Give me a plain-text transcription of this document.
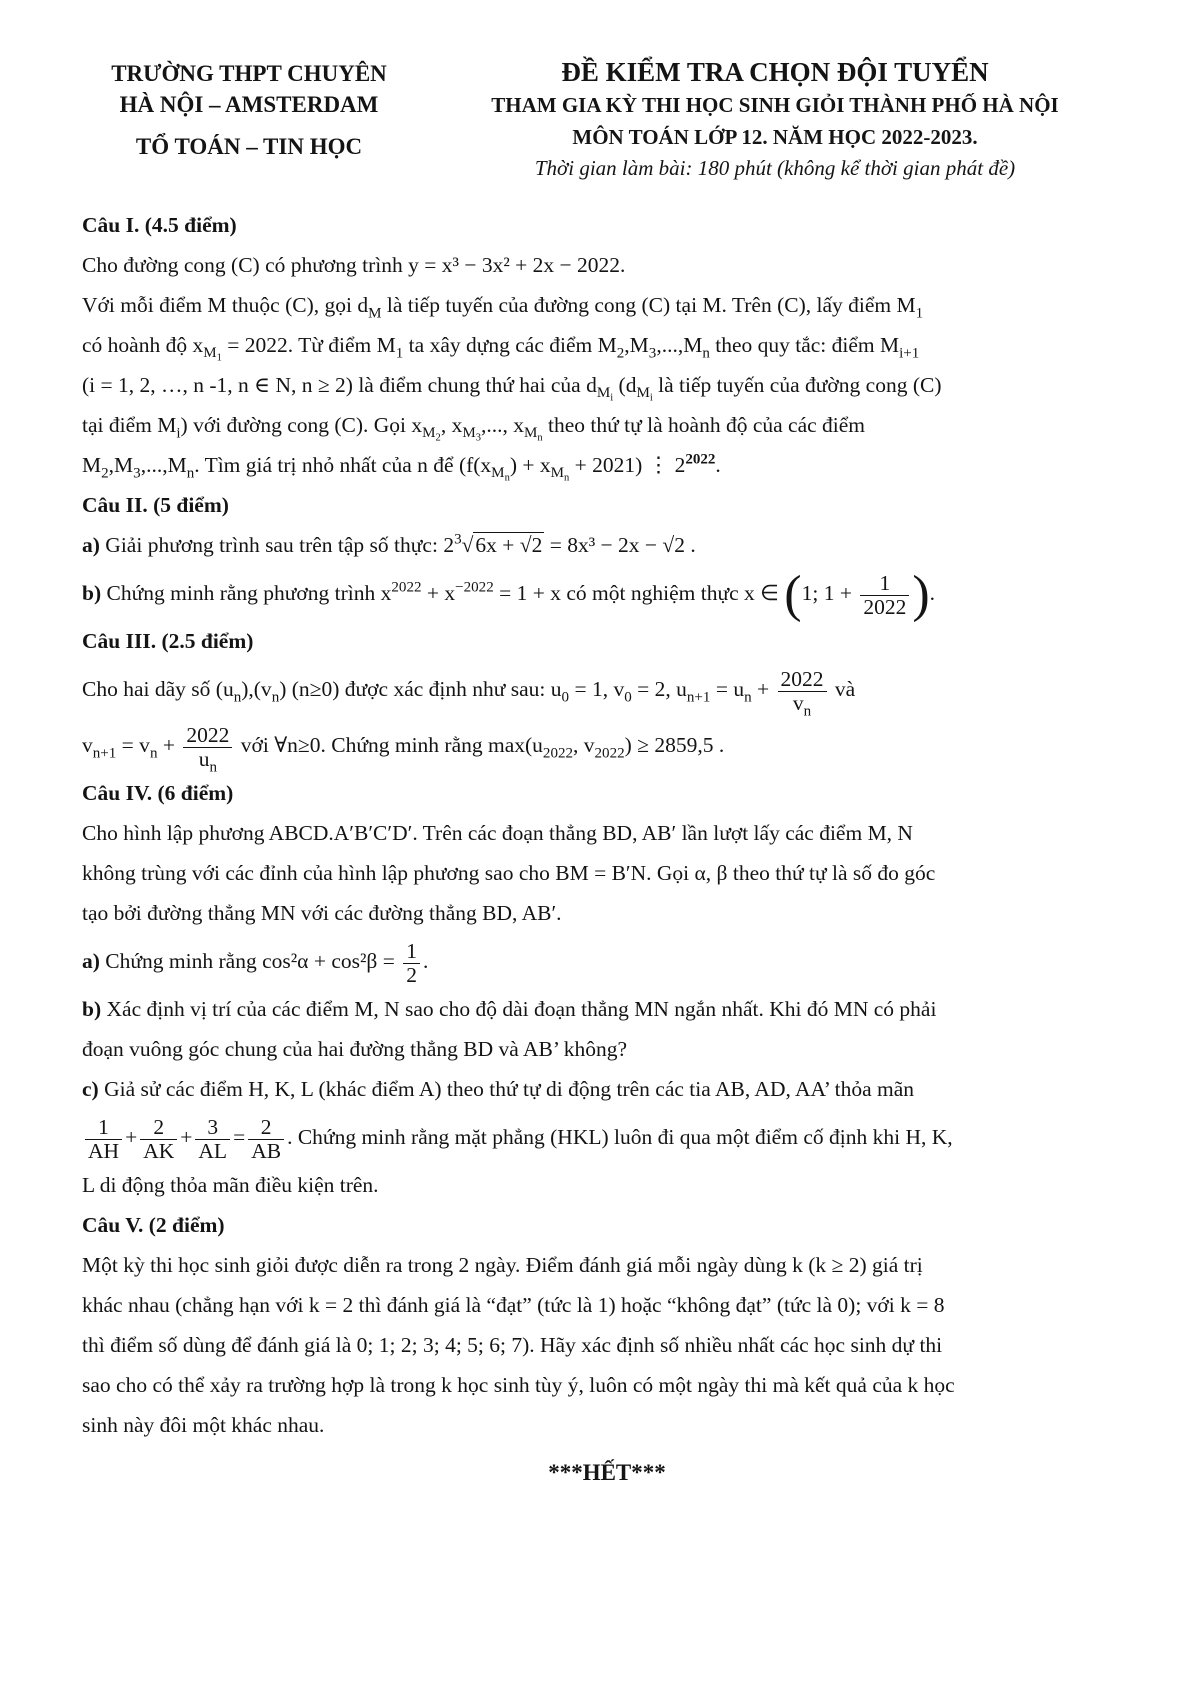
TRƯỜNG THPT CHUYÊN
HÀ NỘI – AMSTERDAM
TỔ TOÁN – TIN HỌC
ĐỀ KIỂM TRA CHỌN ĐỘI TUYỂN
THAM GIA KỲ THI HỌC SINH GIỎI THÀNH PHỐ HÀ NỘI
MÔN TOÁN LỚP 12. NĂM HỌC 2022-2023.
Thời gian làm bài: 180 phút (không kể thời gian phát đề)
Câu I. (4.5 điểm)

Cho đường cong (C) có phương trình y = x³ − 3x² + 2x − 2022.

Với mỗi điểm M thuộc (C), gọi $d_M$ là tiếp tuyến của đường cong (C) tại M. Trên (C), lấy điểm $M_1$

có hoành độ $x_{M_1} = 2022$. Từ điểm $M_1$ ta xây dựng các điểm $M_2,M_3,...,M_n$ theo quy tắc: điểm $M_{i+1}$

(i = 1, 2, …, n -1, n ∈ N, n ≥ 2) là điểm chung thứ hai của $d_{M_i}$ ($d_{M_i}$ là tiếp tuyến của đường cong (C)

tại điểm $M_i$) với đường cong (C). Gọi $x_{M_2}$, $x_{M_3}$,..., $x_{M_n}$ theo thứ tự là hoành độ của các điểm

$M_2,M_3,...,M_n$. Tìm giá trị nhỏ nhất của n để $(f(x_{M_n}) + x_{M_n} + 2021)$ ⋮ $2^{2022}$.

Câu II. (5 điểm)

a) Giải phương trình sau trên tập số thực: $2^3√6x + √2 = 8x^3 - 2x - √2$ .

b) Chứng minh rằng phương trình $x^{2022} + x^{-2022} = 1 + x$ có một nghiệm thực x ∈ (1; $1 + \frac{1}{2022}$ ).

Câu III. (2.5 điểm)

Cho hai dãy số $(u_n),(v_n)$ (n≥0) được xác định như sau: $u_0 = 1$, $v_0 = 2$, $u_{n+1} = u_n + \frac{2022}{v_n}$ và

$v_{n+1} = v_n + \frac{2022}{u_n}$ với ∀n≥0. Chứng minh rằng $\max(u_{2022}$, $v_{2022}) \ge 2859,5$ .

Câu IV. (6 điểm)

Cho hình lập phương ABCD.A′B′C′D′. Trên các đoạn thẳng BD, AB′ lần lượt lấy các điểm M, N

không trùng với các đỉnh của hình lập phương sao cho BM = B′N. Gọi α, β theo thứ tự là số đo góc

tạo bởi đường thẳng MN với các đường thẳng BD, AB′.

a) Chứng minh rằng $\cos^2\alpha + \cos^2\beta = \frac{1}{2}$ .

b) Xác định vị trí của các điểm M, N sao cho độ dài đoạn thẳng MN ngắn nhất. Khi đó MN có phải

đoạn vuông góc chung của hai đường thẳng BD và AB’ không?

c) Giả sử các điểm H, K, L (khác điểm A) theo thứ tự di động trên các tia AB, AD, AA’ thỏa mãn

$\frac{1}{AH} + \frac{2}{AK} + \frac{3}{AL} = \frac{2}{AB}$ . Chứng minh rằng mặt phẳng (HKL) luôn đi qua một điểm cố định khi H, K,

L di động thỏa mãn điều kiện trên.

Câu V. (2 điểm)

Một kỳ thi học sinh giỏi được diễn ra trong 2 ngày. Điểm đánh giá mỗi ngày dùng k (k ≥ 2) giá trị

khác nhau (chẳng hạn với k = 2 thì đánh giá là “đạt” (tức là 1) hoặc “không đạt” (tức là 0); với k = 8

thì điểm số dùng để đánh giá là 0; 1; 2; 3; 4; 5; 6; 7). Hãy xác định số nhiều nhất các học sinh dự thi

sao cho có thể xảy ra trường hợp là trong k học sinh tùy ý, luôn có một ngày thi mà kết quả của k học

sinh này đôi một khác nhau.

***HẾT***
